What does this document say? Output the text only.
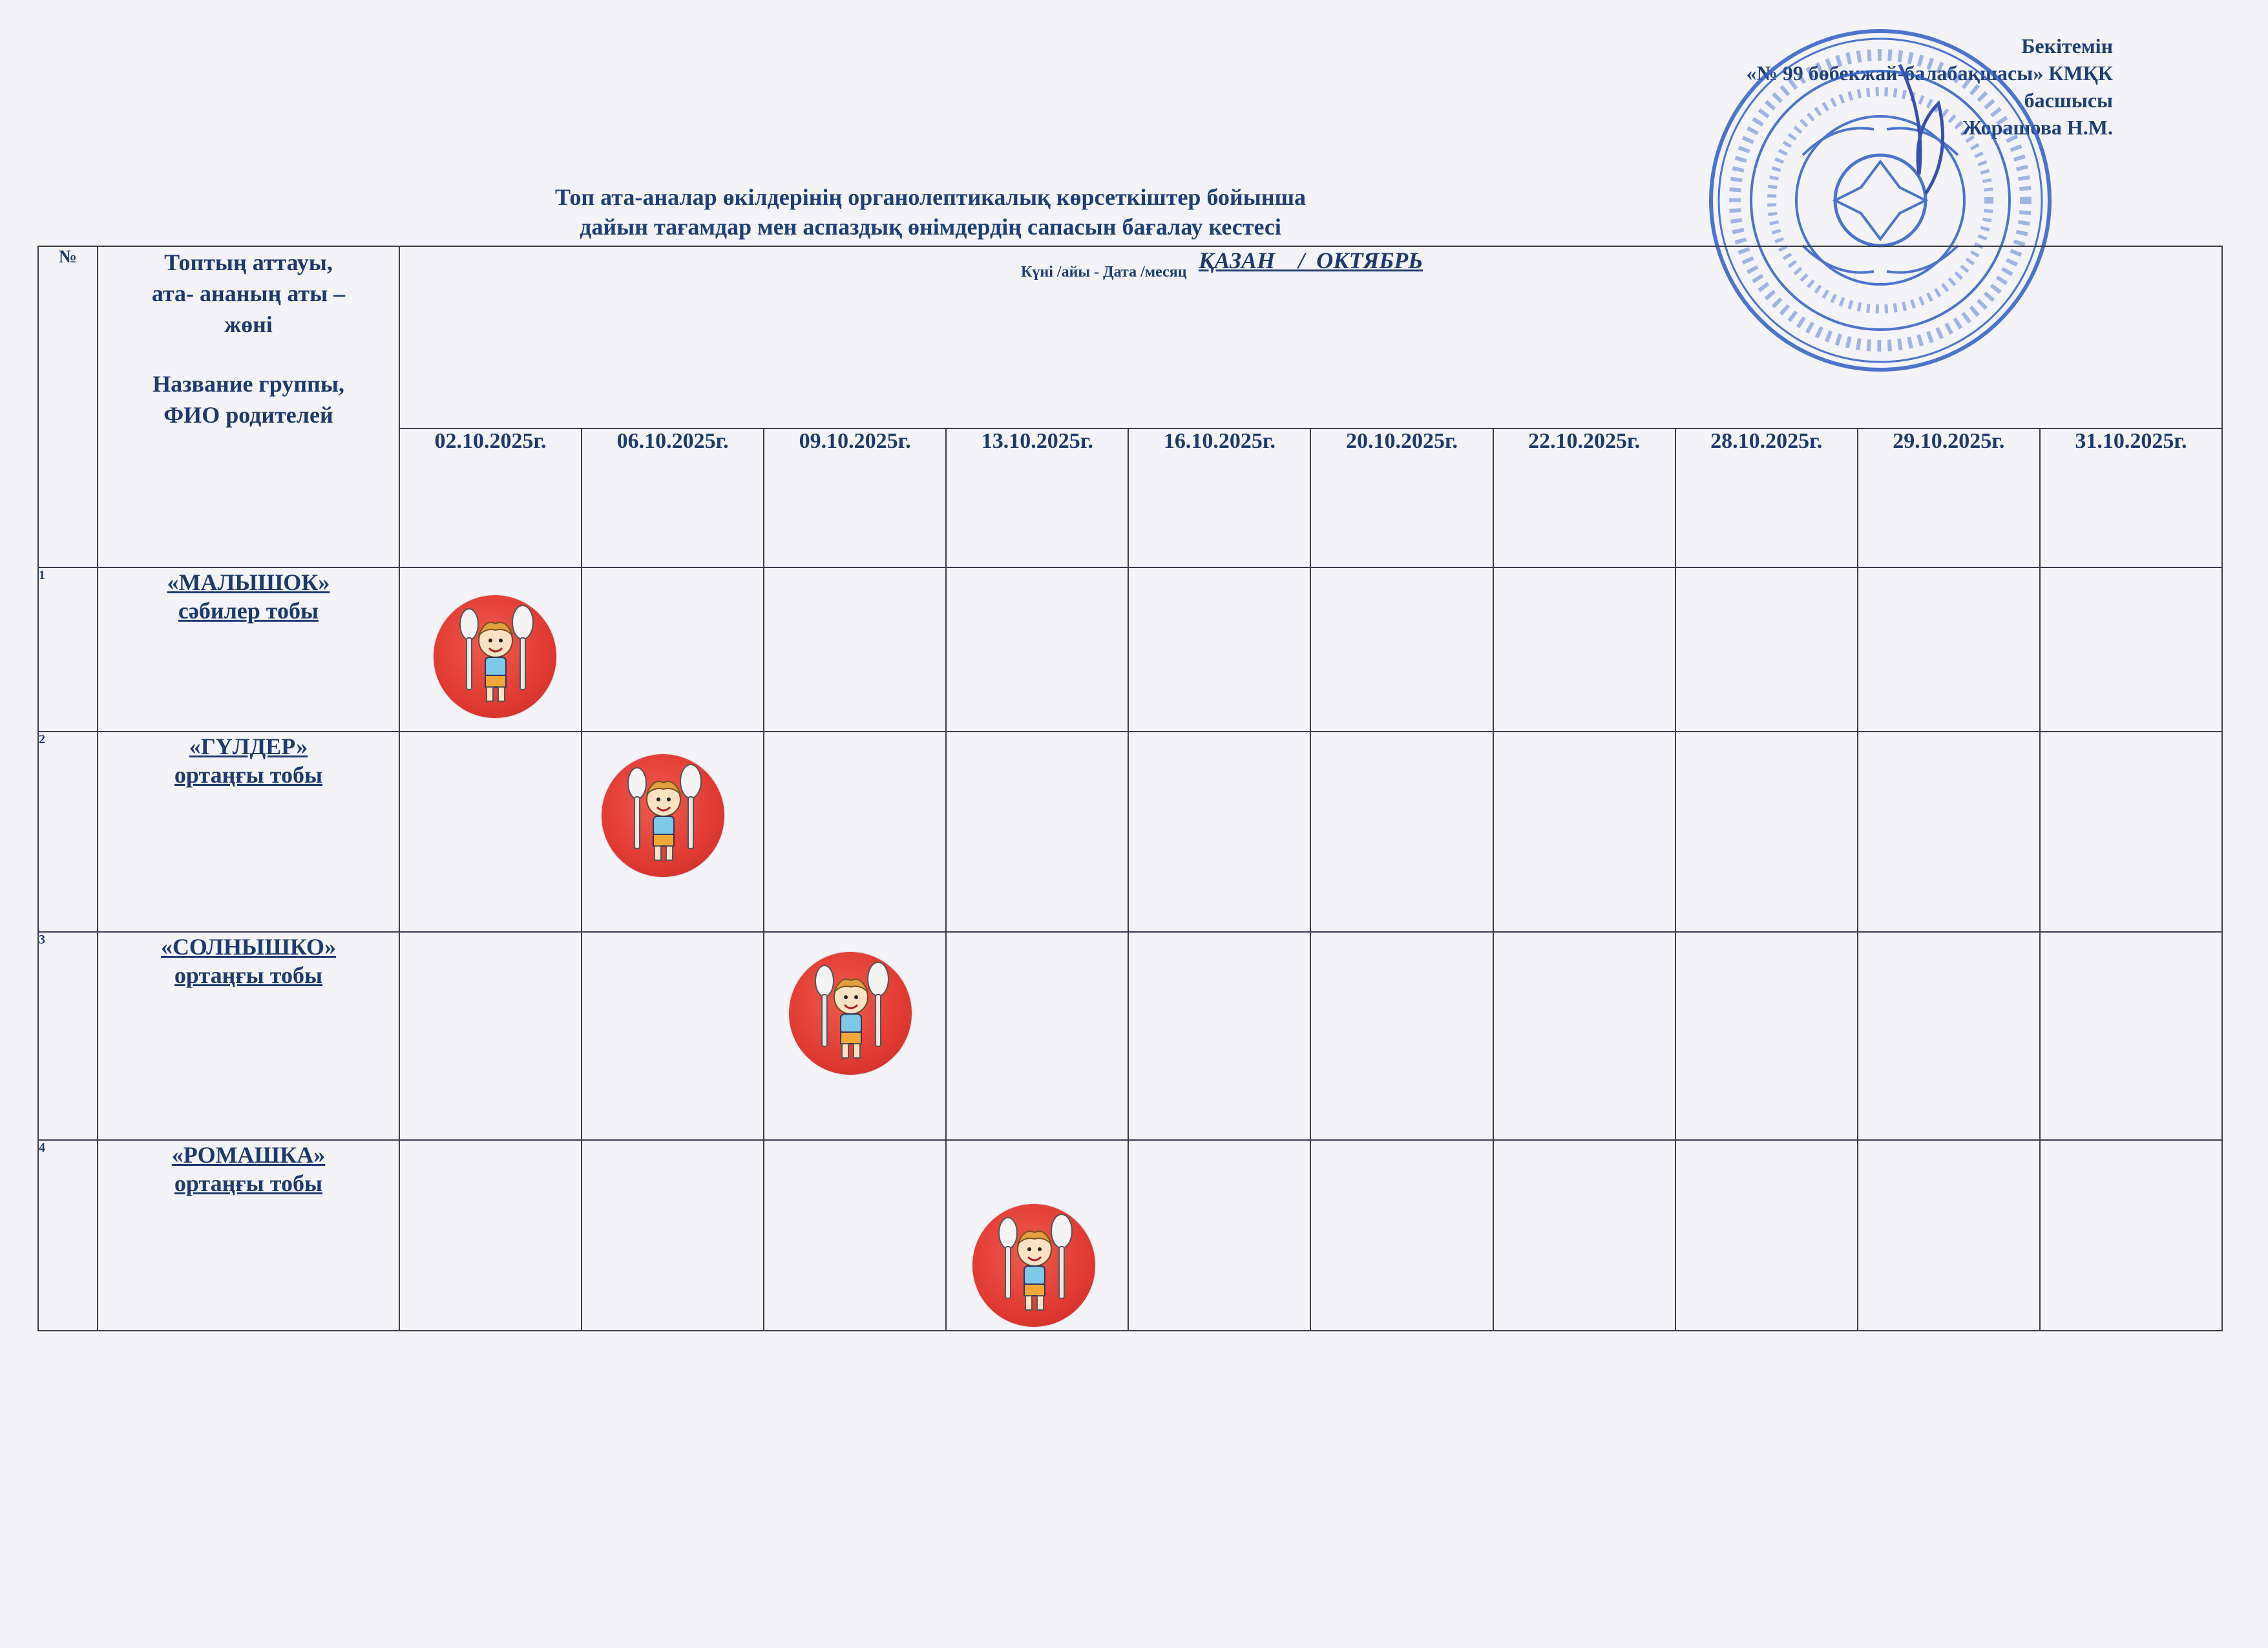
Бекітемін
«№ 99 бөбекжай-балабақшасы» КМҚК
басшысы
Жорашова Н.М.
Топ ата-аналар өкілдерінің органолептикалық көрсеткіштер бойынша
дайын тағамдар мен аспаздық өнімдердің сапасын бағалау кестесі
Күні /айы - Дата /месяц
№	Топтың аттауы,
ата- ананың аты –
жөні
Название группы,
ФИО родителей	ҚАЗАН    /  ОКТЯБРЬ									
		02.10.2025г.	06.10.2025г.	09.10.2025г.	13.10.2025г.	16.10.2025г.	20.10.2025г.	22.10.2025г.	28.10.2025г.	29.10.2025г.	31.10.2025г.
1	«МАЛЫШОК»
сәбилер тобы

2	«ГҮЛДЕР»
ортаңғы тобы

3	«СОЛНЫШКО»
ортаңғы тобы

4	«РОМАШКА»
ортаңғы тобы
